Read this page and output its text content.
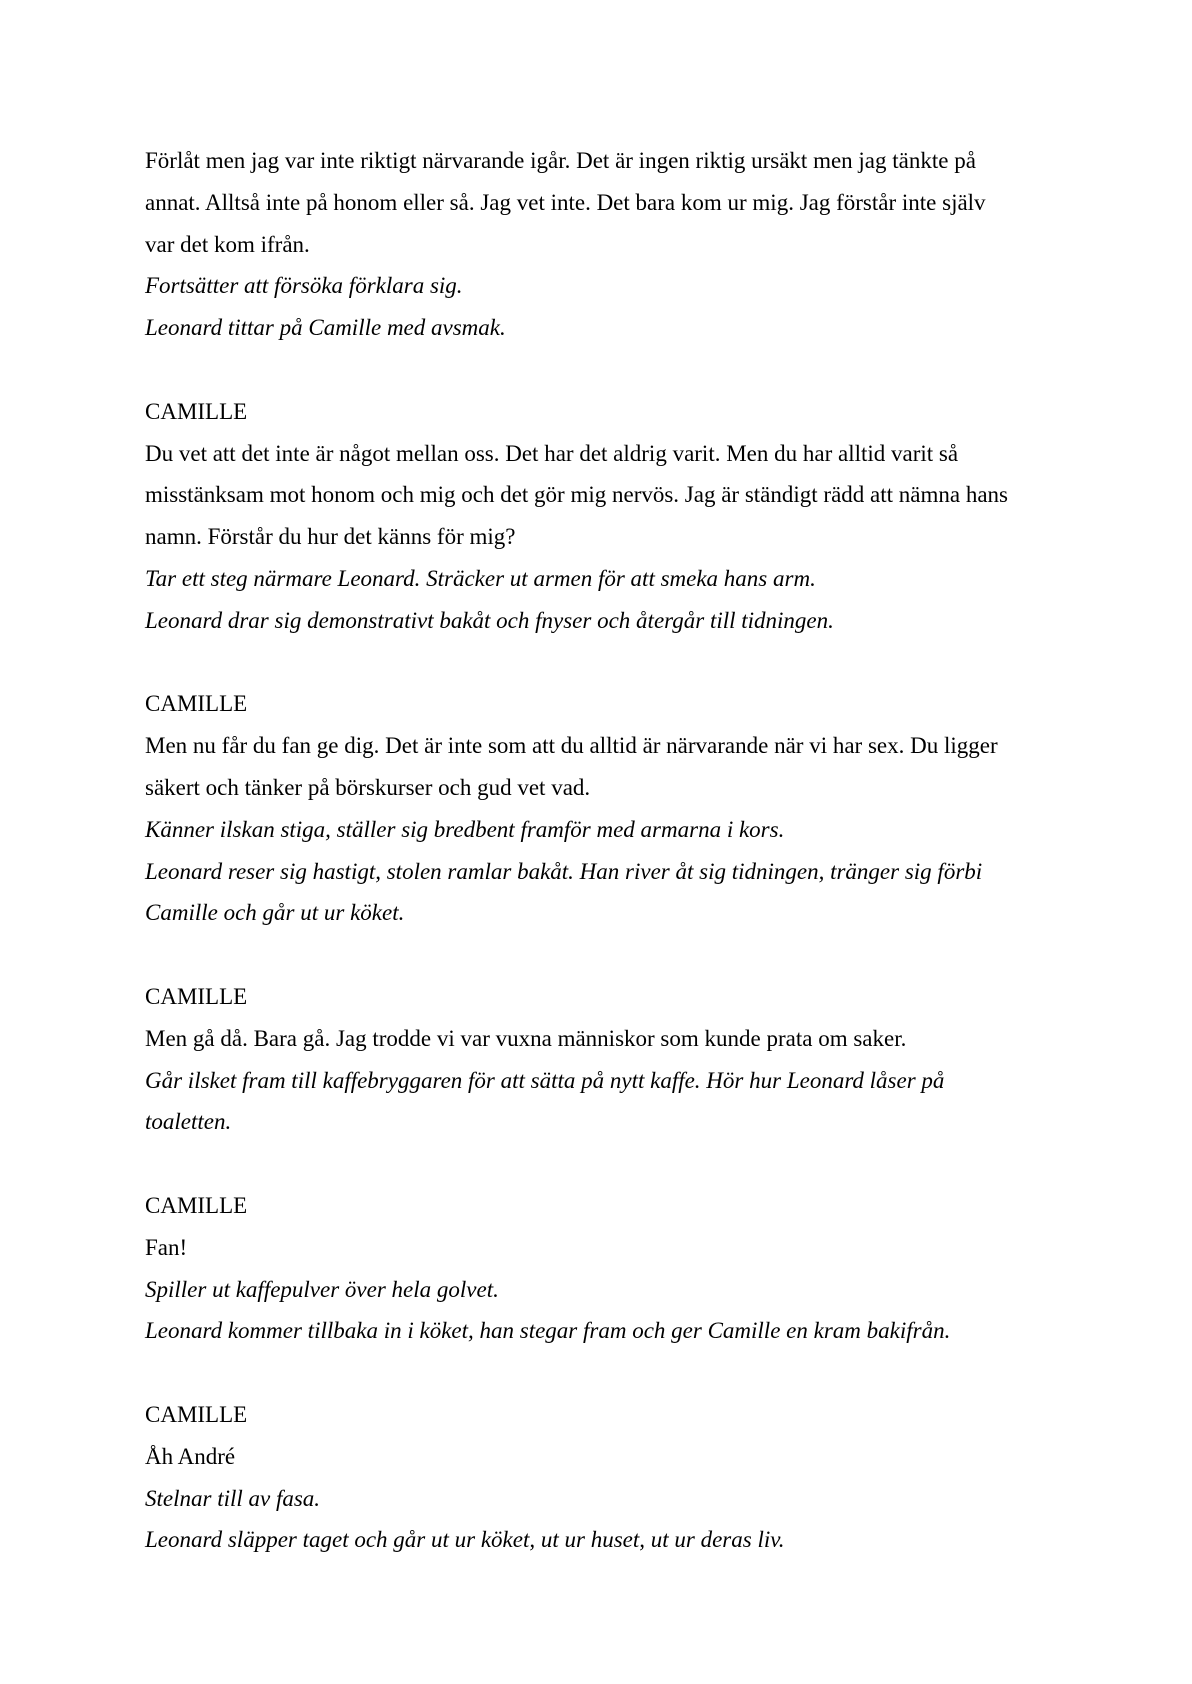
Förlåt men jag var inte riktigt närvarande igår. Det är ingen riktig ursäkt men jag tänkte på
annat. Alltså inte på honom eller så. Jag vet inte. Det bara kom ur mig. Jag förstår inte själv
var det kom ifrån.
Fortsätter att försöka förklara sig.
Leonard tittar på Camille med avsmak.
CAMILLE
Du vet att det inte är något mellan oss. Det har det aldrig varit. Men du har alltid varit så
misstänksam mot honom och mig och det gör mig nervös. Jag är ständigt rädd att nämna hans
namn. Förstår du hur det känns för mig?
Tar ett steg närmare Leonard. Sträcker ut armen för att smeka hans arm.
Leonard drar sig demonstrativt bakåt och fnyser och återgår till tidningen.
CAMILLE
Men nu får du fan ge dig. Det är inte som att du alltid är närvarande när vi har sex. Du ligger
säkert och tänker på börskurser och gud vet vad.
Känner ilskan stiga, ställer sig bredbent framför med armarna i kors.
Leonard reser sig hastigt, stolen ramlar bakåt. Han river åt sig tidningen, tränger sig förbi
Camille och går ut ur köket.
CAMILLE
Men gå då. Bara gå. Jag trodde vi var vuxna människor som kunde prata om saker.
Går ilsket fram till kaffebryggaren för att sätta på nytt kaffe. Hör hur Leonard låser på
toaletten.
CAMILLE
Fan!
Spiller ut kaffepulver över hela golvet.
Leonard kommer tillbaka in i köket, han stegar fram och ger Camille en kram bakifrån.
CAMILLE
Åh André
Stelnar till av fasa.
Leonard släpper taget och går ut ur köket, ut ur huset, ut ur deras liv.
